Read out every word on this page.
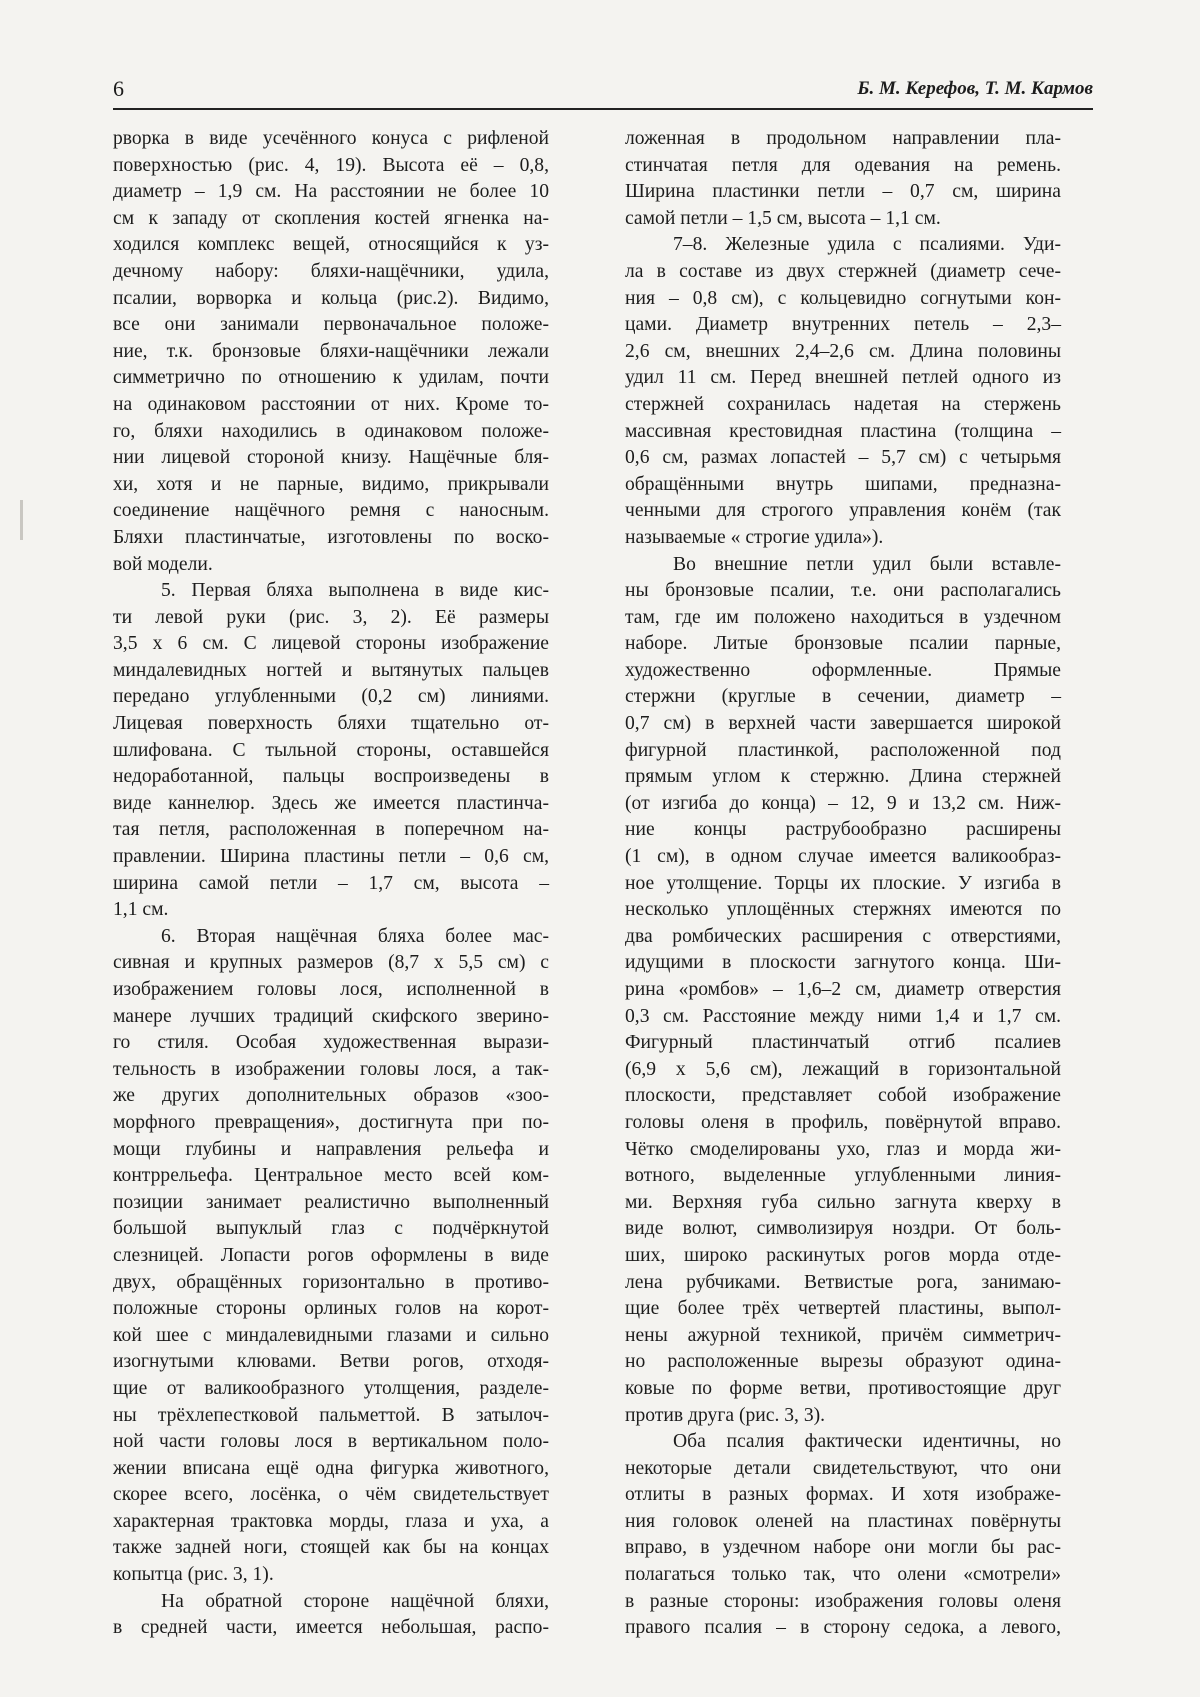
6	Б. М. Керефов, Т. М. Кармов
рворка в виде усечённого конуса с рифленой
поверхностью (рис. 4, 19). Высота её – 0,8,
диаметр – 1,9 см. На расстоянии не более 10
см к западу от скопления костей ягненка на-
ходился комплекс вещей, относящийся к уз-
дечному набору: бляхи-нащёчники, удила,
псалии, ворворка и кольца (рис.2). Видимо,
все они занимали первоначальное положе-
ние, т.к. бронзовые бляхи-нащёчники лежали
симметрично по отношению к удилам, почти
на одинаковом расстоянии от них. Кроме то-
го, бляхи находились в одинаковом положе-
нии лицевой стороной книзу. Нащёчные бля-
хи, хотя и не парные, видимо, прикрывали
соединение нащёчного ремня с наносным.
Бляхи пластинчатые, изготовлены по воско-
вой модели.
5. Первая бляха выполнена в виде кис-
ти левой руки (рис. 3, 2). Её размеры
3,5 х 6 см. С лицевой стороны изображение
миндалевидных ногтей и вытянутых пальцев
передано углубленными (0,2 см) линиями.
Лицевая поверхность бляхи тщательно от-
шлифована. С тыльной стороны, оставшейся
недоработанной, пальцы воспроизведены в
виде каннелюр. Здесь же имеется пластинча-
тая петля, расположенная в поперечном на-
правлении. Ширина пластины петли – 0,6 см,
ширина самой петли – 1,7 см, высота –
1,1 см.
6. Вторая нащёчная бляха более мас-
сивная и крупных размеров (8,7 х 5,5 см) с
изображением головы лося, исполненной в
манере лучших традиций скифского зверино-
го стиля. Особая художественная вырази-
тельность в изображении головы лося, а так-
же других дополнительных образов «зоо-
морфного превращения», достигнута при по-
мощи глубины и направления рельефа и
контррельефа. Центральное место всей ком-
позиции занимает реалистично выполненный
большой выпуклый глаз с подчёркнутой
слезницей. Лопасти рогов оформлены в виде
двух, обращённых горизонтально в противо-
положные стороны орлиных голов на корот-
кой шее с миндалевидными глазами и сильно
изогнутыми клювами. Ветви рогов, отходя-
щие от валикообразного утолщения, разделе-
ны трёхлепестковой пальметтой. В затылоч-
ной части головы лося в вертикальном поло-
жении вписана ещё одна фигурка животного,
скорее всего, лосёнка, о чём свидетельствует
характерная трактовка морды, глаза и уха, а
также задней ноги, стоящей как бы на концах
копытца (рис. 3, 1).
На обратной стороне нащёчной бляхи,
в средней части, имеется небольшая, распо-
ложенная в продольном направлении пла-
стинчатая петля для одевания на ремень.
Ширина пластинки петли – 0,7 см, ширина
самой петли – 1,5 см, высота – 1,1 см.
7–8. Железные удила с псалиями. Уди-
ла в составе из двух стержней (диаметр сече-
ния – 0,8 см), с кольцевидно согнутыми кон-
цами. Диаметр внутренних петель – 2,3–
2,6 см, внешних 2,4–2,6 см. Длина половины
удил 11 см. Перед внешней петлей одного из
стержней сохранилась надетая на стержень
массивная крестовидная пластина (толщина –
0,6 см, размах лопастей – 5,7 см) с четырьмя
обращёнными внутрь шипами, предназна-
ченными для строгого управления конём (так
называемые « строгие удила»).
Во внешние петли удил были вставле-
ны бронзовые псалии, т.е. они располагались
там, где им положено находиться в уздечном
наборе. Литые бронзовые псалии парные,
художественно оформленные. Прямые
стержни (круглые в сечении, диаметр –
0,7 см) в верхней части завершается широкой
фигурной пластинкой, расположенной под
прямым углом к стержню. Длина стержней
(от изгиба до конца) – 12, 9 и 13,2 см. Ниж-
ние концы раструбообразно расширены
(1 см), в одном случае имеется валикообраз-
ное утолщение. Торцы их плоские. У изгиба в
несколько уплощённых стержнях имеются по
два ромбических расширения с отверстиями,
идущими в плоскости загнутого конца. Ши-
рина «ромбов» – 1,6–2 см, диаметр отверстия
0,3 см. Расстояние между ними 1,4 и 1,7 см.
Фигурный пластинчатый отгиб псалиев
(6,9 х 5,6 см), лежащий в горизонтальной
плоскости, представляет собой изображение
головы оленя в профиль, повёрнутой вправо.
Чётко смоделированы ухо, глаз и морда жи-
вотного, выделенные углубленными линия-
ми. Верхняя губа сильно загнута кверху в
виде волют, символизируя ноздри. От боль-
ших, широко раскинутых рогов морда отде-
лена рубчиками. Ветвистые рога, занимаю-
щие более трёх четвертей пластины, выпол-
нены ажурной техникой, причём симметрич-
но расположенные вырезы образуют одина-
ковые по форме ветви, противостоящие друг
против друга (рис. 3, 3).
Оба псалия фактически идентичны, но
некоторые детали свидетельствуют, что они
отлиты в разных формах. И хотя изображе-
ния головок оленей на пластинах повёрнуты
вправо, в уздечном наборе они могли бы рас-
полагаться только так, что олени «смотрели»
в разные стороны: изображения головы оленя
правого псалия – в сторону седока, а левого,
